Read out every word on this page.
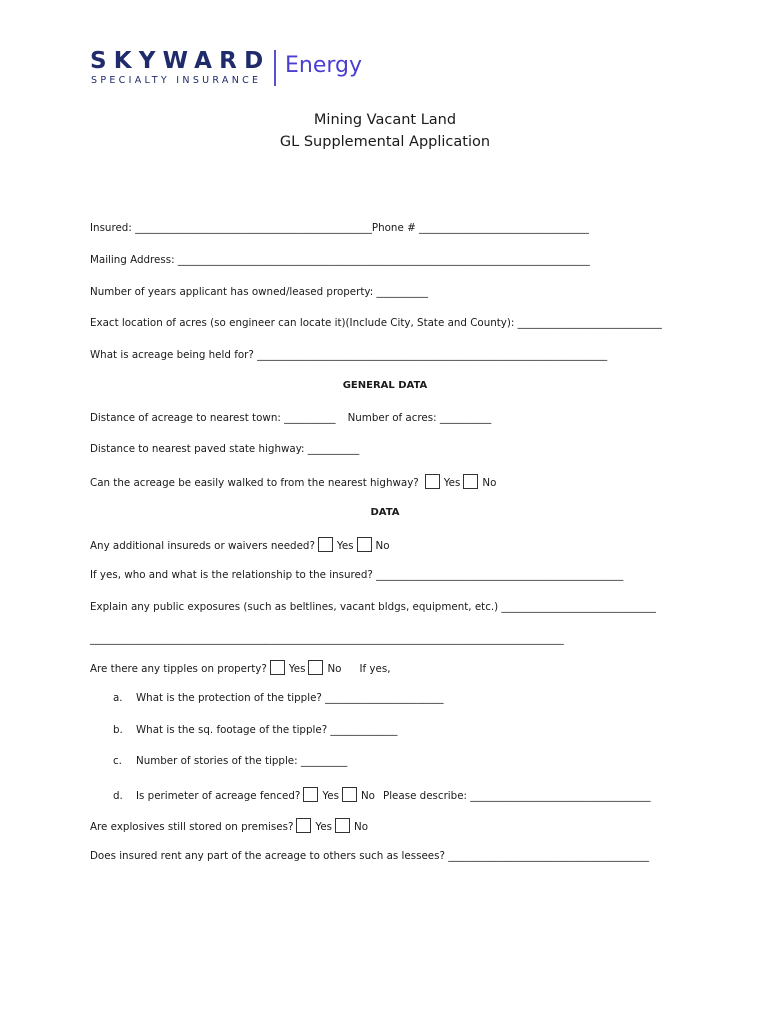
SKYWARD
SPECIALTY INSURANCE
Energy
Mining Vacant Land
GL Supplemental Application
Insured: ______________________________________________Phone # _________________________________
Mailing Address: ________________________________________________________________________________
Number of years applicant has owned/leased property: __________
Exact location of acres (so engineer can locate it)(Include City, State and County): ____________________________
What is acreage being held for? ____________________________________________________________________
GENERAL DATA
Distance of acreage to nearest town: __________ Number of acres: __________
Distance to nearest paved state highway: __________
Can the acreage be easily walked to from the nearest highway? Yes No
DATA
Any additional insureds or waivers needed? Yes No
If yes, who and what is the relationship to the insured? ________________________________________________
Explain any public exposures (such as beltlines, vacant bldgs, equipment, etc.) ______________________________
____________________________________________________________________________________________
Are there any tipples on property? Yes No If yes,
a. What is the protection of the tipple? _______________________
b. What is the sq. footage of the tipple? _____________
c. Number of stories of the tipple: _________
d. Is perimeter of acreage fenced? Yes No Please describe: ___________________________________
Are explosives still stored on premises? Yes No
Does insured rent any part of the acreage to others such as lessees? _______________________________________
